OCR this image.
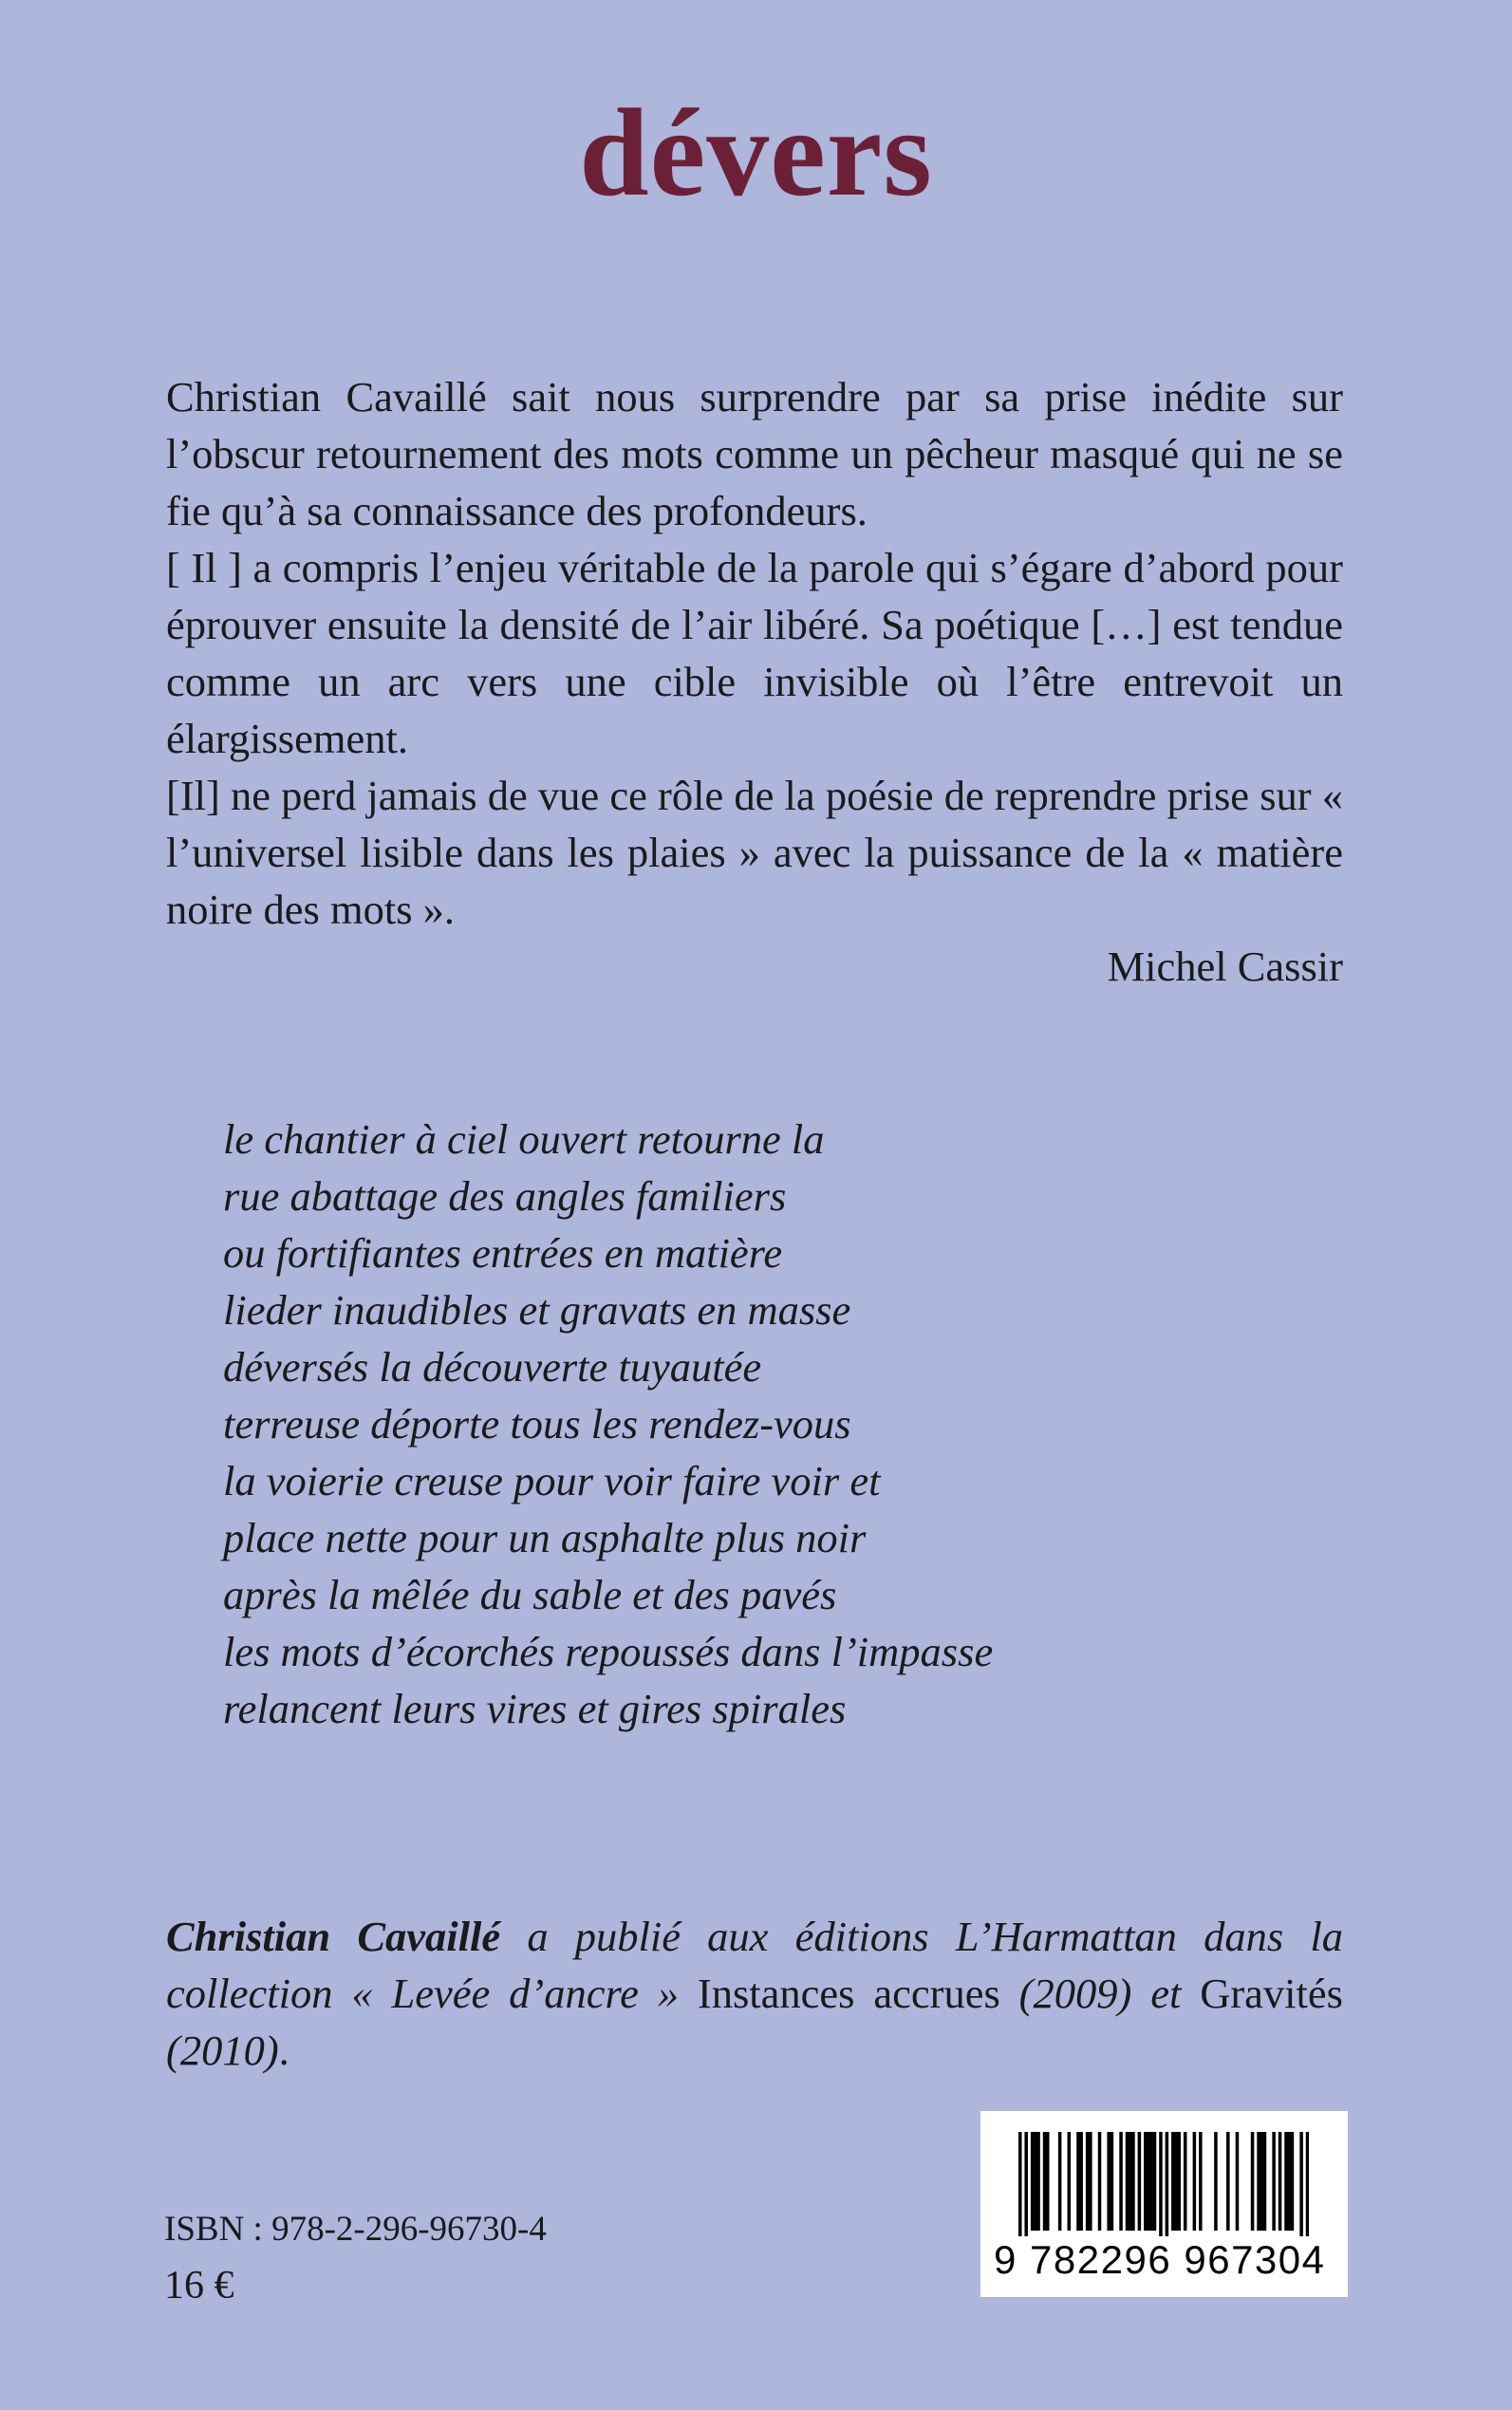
dévers

Christian Cavaillé sait nous surprendre par sa prise inédite sur l’obscur retournement des mots comme un pêcheur masqué qui ne se fie qu’à sa connaissance des profondeurs.

[ Il ] a compris l’enjeu véritable de la parole qui s’égare d’abord pour éprouver ensuite la densité de l’air libéré. Sa poétique […] est tendue comme un arc vers une cible invisible où l’être entrevoit un élargissement.

[Il] ne perd jamais de vue ce rôle de la poésie de reprendre prise sur « l’universel lisible dans les plaies » avec la puissance de la « matière noire des mots ».

Michel Cassir

le chantier à ciel ouvert retourne la
rue abattage des angles familiers
ou fortifiantes entrées en matière
lieder inaudibles et gravats en masse
déversés la découverte tuyautée
terreuse déporte tous les rendez-vous
la voierie creuse pour voir faire voir et
place nette pour un asphalte plus noir
après la mêlée du sable et des pavés
les mots d’écorchés repoussés dans l’impasse
relancent leurs vires et gires spirales
Christian Cavaillé a publié aux éditions L’Harmattan dans la collection « Levée d’ancre » Instances accrues (2009) et Gravités (2010).
ISBN : 978-2-296-96730-4
16 €
9 782296 967304
